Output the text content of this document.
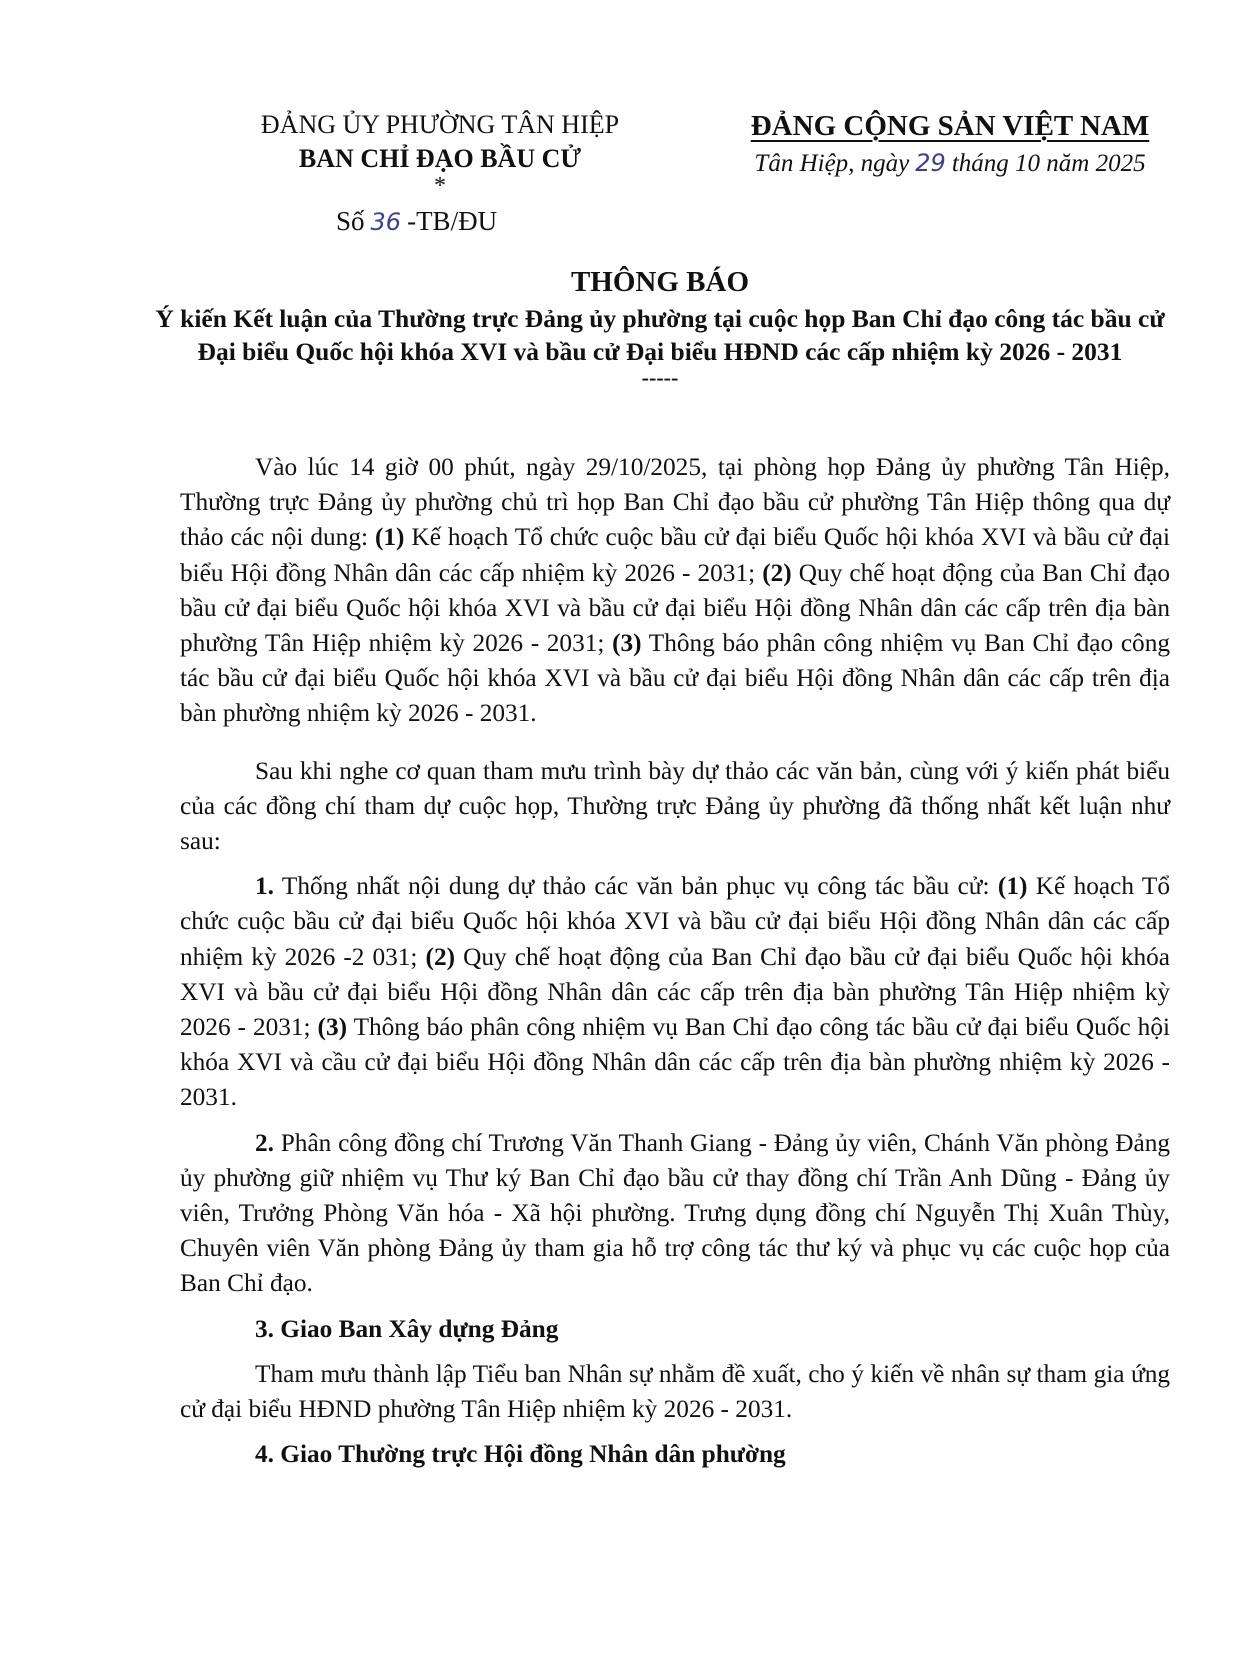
ĐẢNG ỦY PHƯỜNG TÂN HIỆP
BAN CHỈ ĐẠO BẦU CỬ
*
Số 36 -TB/ĐU
ĐẢNG CỘNG SẢN VIỆT NAM
Tân Hiệp, ngày 29 tháng 10 năm 2025
THÔNG BÁO
Ý kiến Kết luận của Thường trực Đảng ủy phường tại cuộc họp Ban Chỉ đạo công tác bầu cử Đại biểu Quốc hội khóa XVI và bầu cử Đại biểu HĐND các cấp nhiệm kỳ 2026 - 2031
-----

Vào lúc 14 giờ 00 phút, ngày 29/10/2025, tại phòng họp Đảng ủy phường Tân Hiệp, Thường trực Đảng ủy phường chủ trì họp Ban Chỉ đạo bầu cử phường Tân Hiệp thông qua dự thảo các nội dung: (1) Kế hoạch Tổ chức cuộc bầu cử đại biểu Quốc hội khóa XVI và bầu cử đại biểu Hội đồng Nhân dân các cấp nhiệm kỳ 2026 - 2031; (2) Quy chế hoạt động của Ban Chỉ đạo bầu cử đại biểu Quốc hội khóa XVI và bầu cử đại biểu Hội đồng Nhân dân các cấp trên địa bàn phường Tân Hiệp nhiệm kỳ 2026 - 2031; (3) Thông báo phân công nhiệm vụ Ban Chỉ đạo công tác bầu cử đại biểu Quốc hội khóa XVI và bầu cử đại biểu Hội đồng Nhân dân các cấp trên địa bàn phường nhiệm kỳ 2026 - 2031.

Sau khi nghe cơ quan tham mưu trình bày dự thảo các văn bản, cùng với ý kiến phát biểu của các đồng chí tham dự cuộc họp, Thường trực Đảng ủy phường đã thống nhất kết luận như sau:

1. Thống nhất nội dung dự thảo các văn bản phục vụ công tác bầu cử: (1) Kế hoạch Tổ chức cuộc bầu cử đại biểu Quốc hội khóa XVI và bầu cử đại biểu Hội đồng Nhân dân các cấp nhiệm kỳ 2026 -2 031; (2) Quy chế hoạt động của Ban Chỉ đạo bầu cử đại biểu Quốc hội khóa XVI và bầu cử đại biểu Hội đồng Nhân dân các cấp trên địa bàn phường Tân Hiệp nhiệm kỳ 2026 - 2031; (3) Thông báo phân công nhiệm vụ Ban Chỉ đạo công tác bầu cử đại biểu Quốc hội khóa XVI và cầu cử đại biểu Hội đồng Nhân dân các cấp trên địa bàn phường nhiệm kỳ 2026 - 2031.

2. Phân công đồng chí Trương Văn Thanh Giang - Đảng ủy viên, Chánh Văn phòng Đảng ủy phường giữ nhiệm vụ Thư ký Ban Chỉ đạo bầu cử thay đồng chí Trần Anh Dũng - Đảng ủy viên, Trưởng Phòng Văn hóa - Xã hội phường. Trưng dụng đồng chí Nguyễn Thị Xuân Thùy, Chuyên viên Văn phòng Đảng ủy tham gia hỗ trợ công tác thư ký và phục vụ các cuộc họp của Ban Chỉ đạo.

3. Giao Ban Xây dựng Đảng

Tham mưu thành lập Tiểu ban Nhân sự nhằm đề xuất, cho ý kiến về nhân sự tham gia ứng cử đại biểu HĐND phường Tân Hiệp nhiệm kỳ 2026 - 2031.

4. Giao Thường trực Hội đồng Nhân dân phường
